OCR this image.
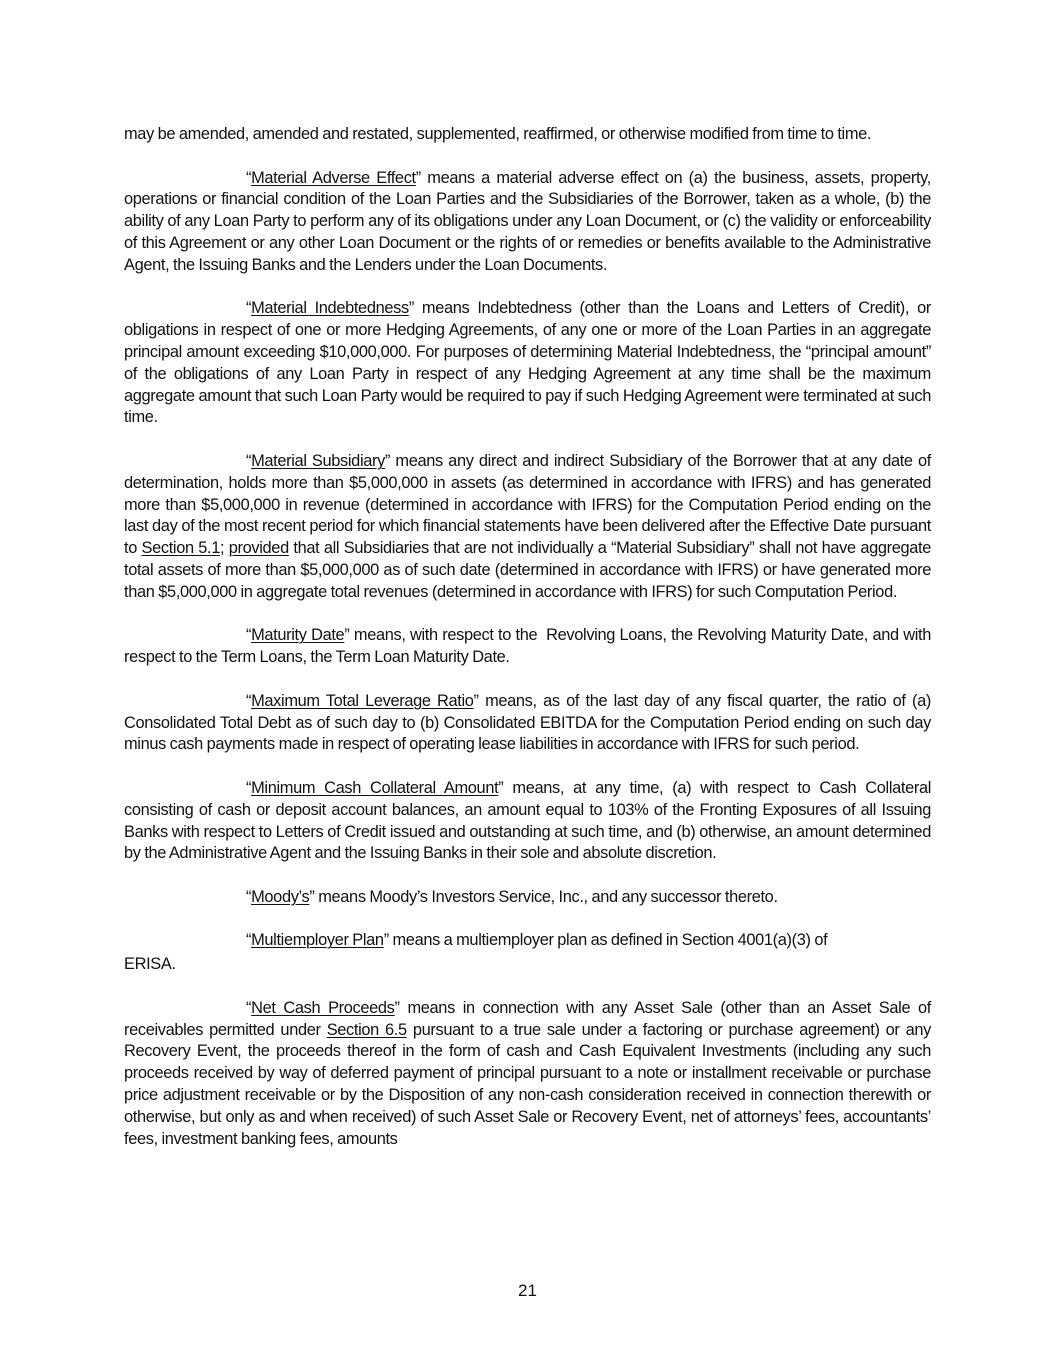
may be amended, amended and restated, supplemented, reaffirmed, or otherwise modified from time to time.

“Material Adverse Effect” means a material adverse effect on (a) the business, assets, property, operations or financial condition of the Loan Parties and the Subsidiaries of the Borrower, taken as a whole, (b) the ability of any Loan Party to perform any of its obligations under any Loan Document, or (c) the validity or enforceability of this Agreement or any other Loan Document or the rights of or remedies or benefits available to the Administrative Agent, the Issuing Banks and the Lenders under the Loan Documents.

“Material Indebtedness” means Indebtedness (other than the Loans and Letters of Credit), or obligations in respect of one or more Hedging Agreements, of any one or more of the Loan Parties in an aggregate principal amount exceeding $10,000,000. For purposes of determining Material Indebtedness, the “principal amount” of the obligations of any Loan Party in respect of any Hedging Agreement at any time shall be the maximum aggregate amount that such Loan Party would be required to pay if such Hedging Agreement were terminated at such time.

“Material Subsidiary” means any direct and indirect Subsidiary of the Borrower that at any date of determination, holds more than $5,000,000 in assets (as determined in accordance with IFRS) and has generated more than $5,000,000 in revenue (determined in accordance with IFRS) for the Computation Period ending on the last day of the most recent period for which financial statements have been delivered after the Effective Date pursuant to Section 5.1; provided that all Subsidiaries that are not individually a “Material Subsidiary” shall not have aggregate total assets of more than $5,000,000 as of such date (determined in accordance with IFRS) or have generated more than $5,000,000 in aggregate total revenues (determined in accordance with IFRS) for such Computation Period.

“Maturity Date” means, with respect to the  Revolving Loans, the Revolving Maturity Date, and with respect to the Term Loans, the Term Loan Maturity Date.

“Maximum Total Leverage Ratio” means, as of the last day of any fiscal quarter, the ratio of (a) Consolidated Total Debt as of such day to (b) Consolidated EBITDA for the Computation Period ending on such day minus cash payments made in respect of operating lease liabilities in accordance with IFRS for such period.

“Minimum Cash Collateral Amount” means, at any time, (a) with respect to Cash Collateral consisting of cash or deposit account balances, an amount equal to 103% of the Fronting Exposures of all Issuing Banks with respect to Letters of Credit issued and outstanding at such time, and (b) otherwise, an amount determined by the Administrative Agent and the Issuing Banks in their sole and absolute discretion.

“Moody’s” means Moody’s Investors Service, Inc., and any successor thereto.

“Multiemployer Plan” means a multiemployer plan as defined in Section 4001(a)(3) of

ERISA.

“Net Cash Proceeds” means in connection with any Asset Sale (other than an Asset Sale of receivables permitted under Section 6.5 pursuant to a true sale under a factoring or purchase agreement) or any Recovery Event, the proceeds thereof in the form of cash and Cash Equivalent Investments (including any such proceeds received by way of deferred payment of principal pursuant to a note or installment receivable or purchase price adjustment receivable or by the Disposition of any non-cash consideration received in connection therewith or otherwise, but only as and when received) of such Asset Sale or Recovery Event, net of attorneys’ fees, accountants’ fees, investment banking fees, amounts

21
